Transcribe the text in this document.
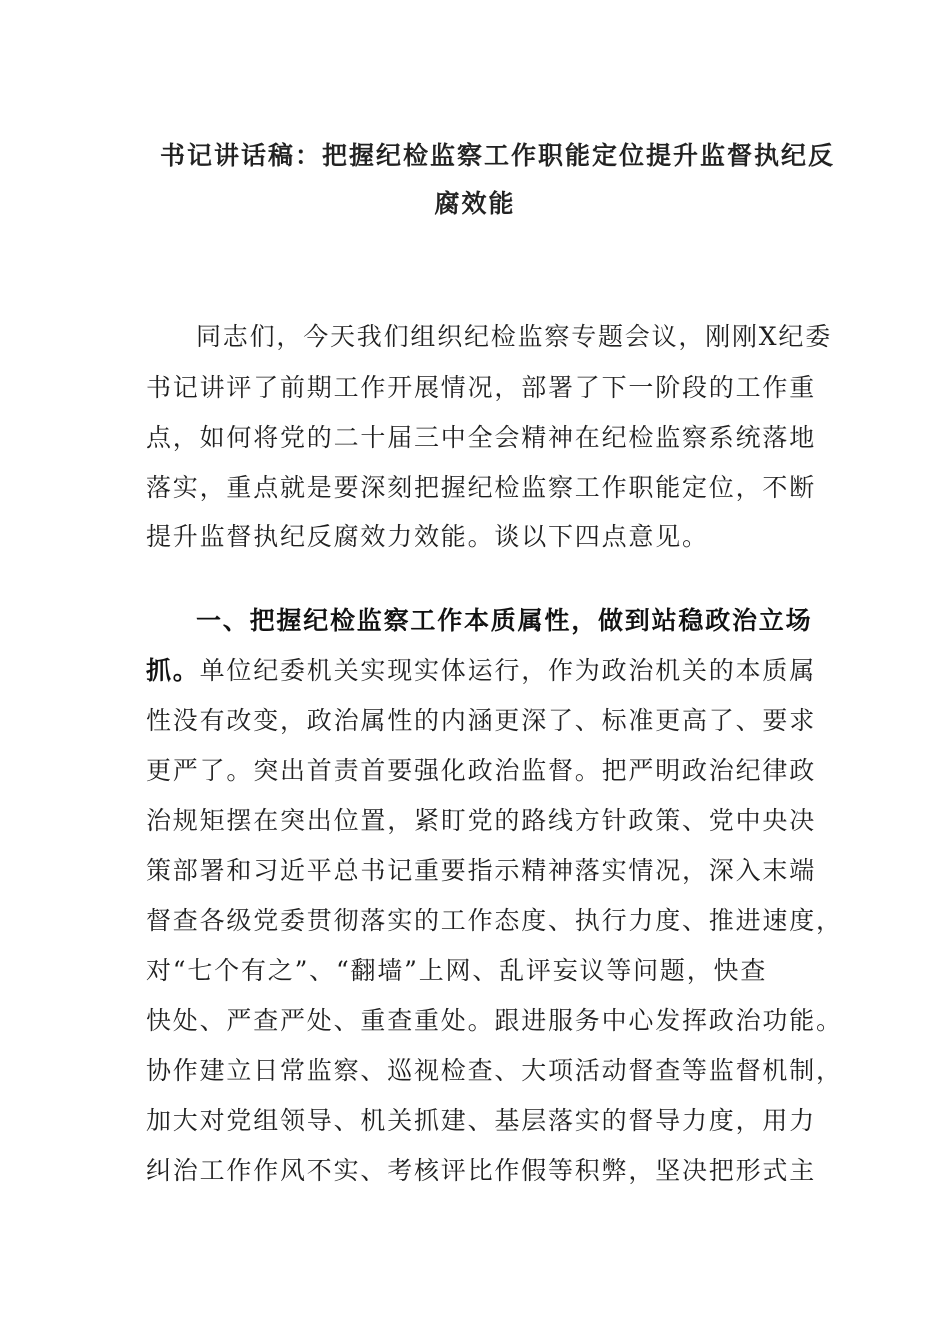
书记讲话稿：把握纪检监察工作职能定位提升监督执纪反
腐效能
同志们，今天我们组织纪检监察专题会议，刚刚X纪委
书记讲评了前期工作开展情况，部署了下一阶段的工作重
点，如何将党的二十届三中全会精神在纪检监察系统落地
落实，重点就是要深刻把握纪检监察工作职能定位，不断
提升监督执纪反腐效力效能。谈以下四点意见。
一、把握纪检监察工作本质属性，做到站稳政治立场
抓。单位纪委机关实现实体运行，作为政治机关的本质属
性没有改变，政治属性的内涵更深了、标准更高了、要求
更严了。突出首责首要强化政治监督。把严明政治纪律政
治规矩摆在突出位置，紧盯党的路线方针政策、党中央决
策部署和习近平总书记重要指示精神落实情况，深入末端
督查各级党委贯彻落实的工作态度、执行力度、推进速度，
对“七个有之”、“翻墙”上网、乱评妄议等问题，快查
快处、严查严处、重查重处。跟进服务中心发挥政治功能。
协作建立日常监察、巡视检查、大项活动督查等监督机制，
加大对党组领导、机关抓建、基层落实的督导力度，用力
纠治工作作风不实、考核评比作假等积弊，坚决把形式主
